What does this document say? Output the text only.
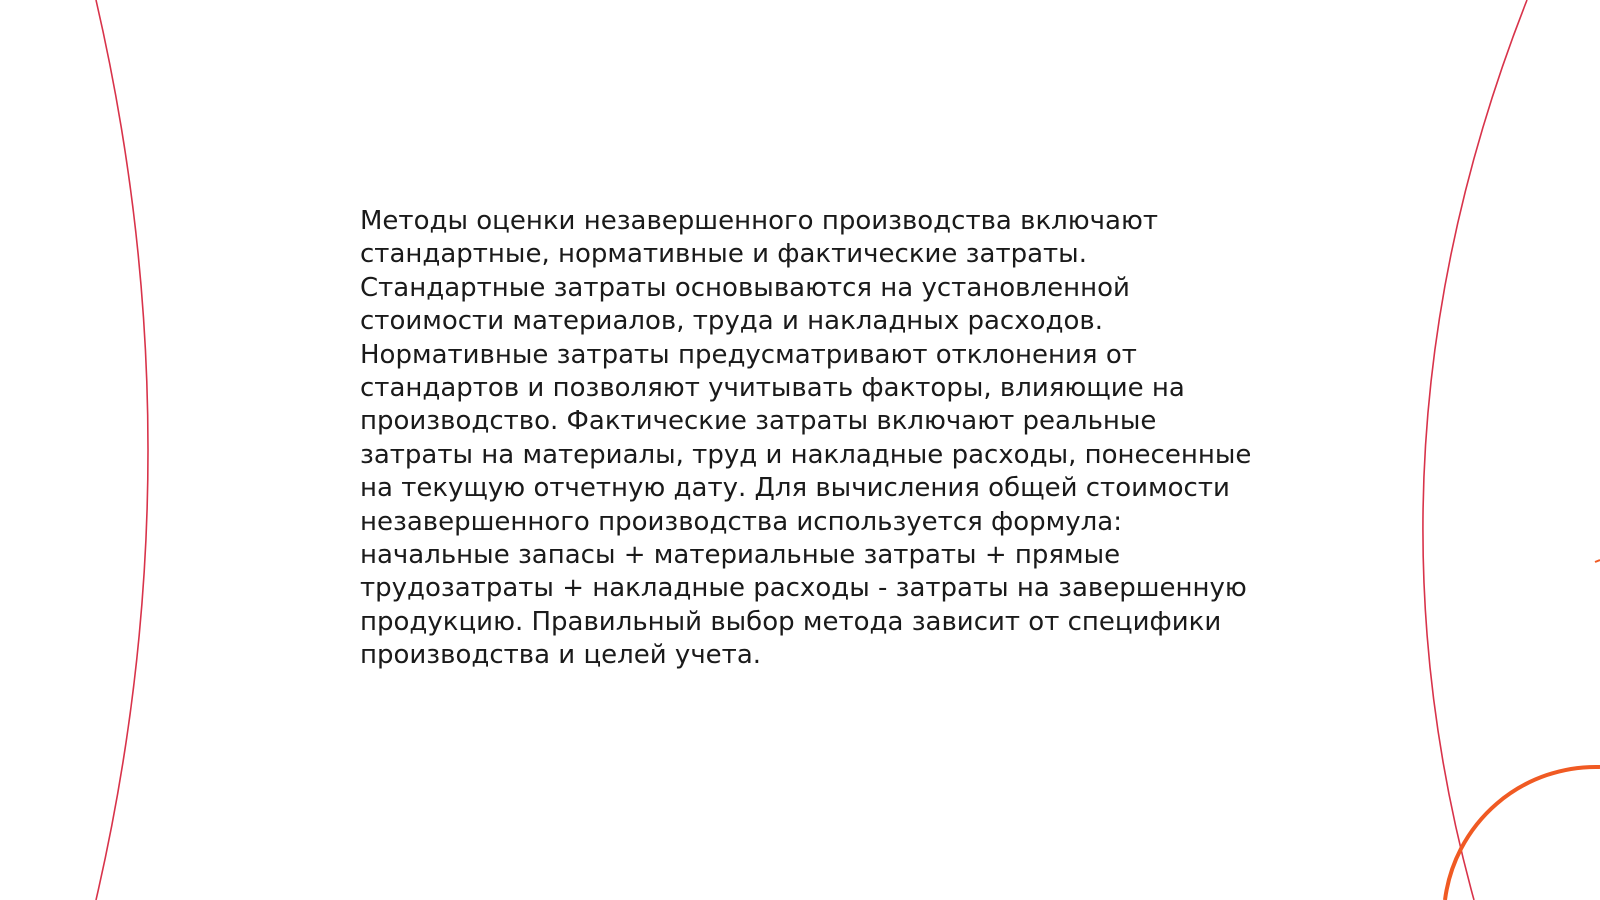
Методы оценки незавершенного производства включают
стандартные, нормативные и фактические затраты.
Стандартные затраты основываются на установленной
стоимости материалов, труда и накладных расходов.
Нормативные затраты предусматривают отклонения от
стандартов и позволяют учитывать факторы, влияющие на
производство. Фактические затраты включают реальные
затраты на материалы, труд и накладные расходы, понесенные
на текущую отчетную дату. Для вычисления общей стоимости
незавершенного производства используется формула:
начальные запасы + материальные затраты + прямые
трудозатраты + накладные расходы - затраты на завершенную
продукцию. Правильный выбор метода зависит от специфики
производства и целей учета.
